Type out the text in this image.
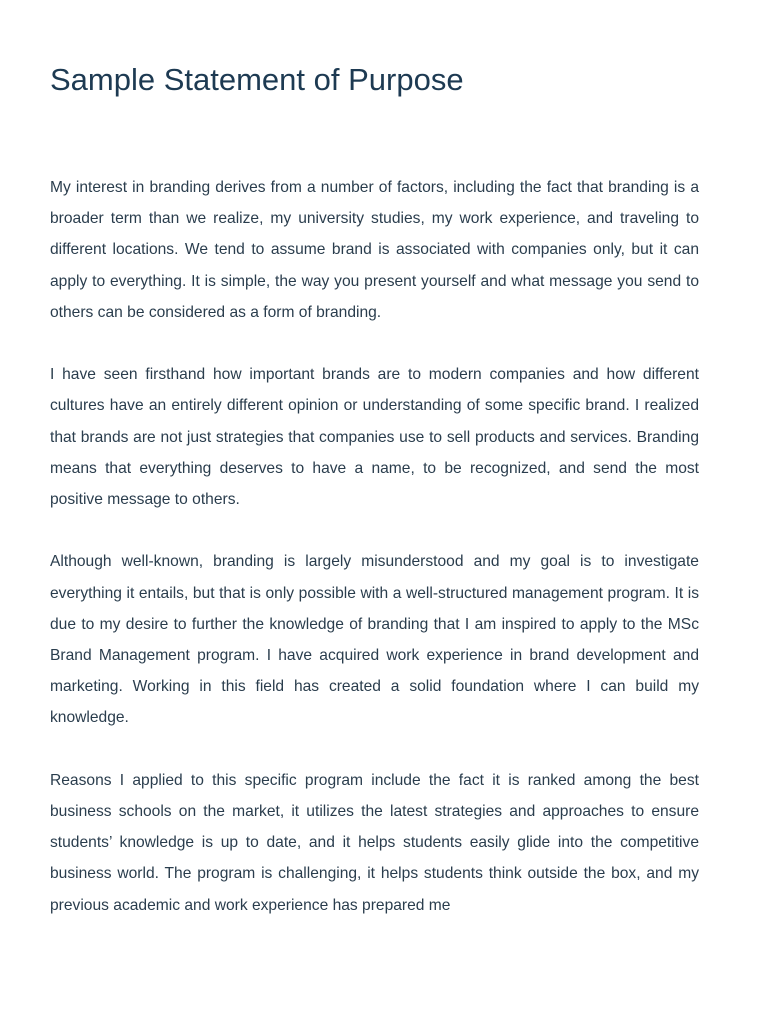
Sample Statement of Purpose

My interest in branding derives from a number of factors, including the fact that branding is a broader term than we realize, my university studies, my work experience, and traveling to different locations. We tend to assume brand is associated with companies only, but it can apply to everything. It is simple, the way you present yourself and what message you send to others can be considered as a form of branding.

I have seen firsthand how important brands are to modern companies and how different cultures have an entirely different opinion or understanding of some specific brand. I realized that brands are not just strategies that companies use to sell products and services. Branding means that everything deserves to have a name, to be recognized, and send the most positive message to others.

Although well-known, branding is largely misunderstood and my goal is to investigate everything it entails, but that is only possible with a well-structured management program. It is due to my desire to further the knowledge of branding that I am inspired to apply to the MSc Brand Management program. I have acquired work experience in brand development and marketing. Working in this field has created a solid foundation where I can build my knowledge.

Reasons I applied to this specific program include the fact it is ranked among the best business schools on the market, it utilizes the latest strategies and approaches to ensure students’ knowledge is up to date, and it helps students easily glide into the competitive business world. The program is challenging, it helps students think outside the box, and my previous academic and work experience has prepared me
